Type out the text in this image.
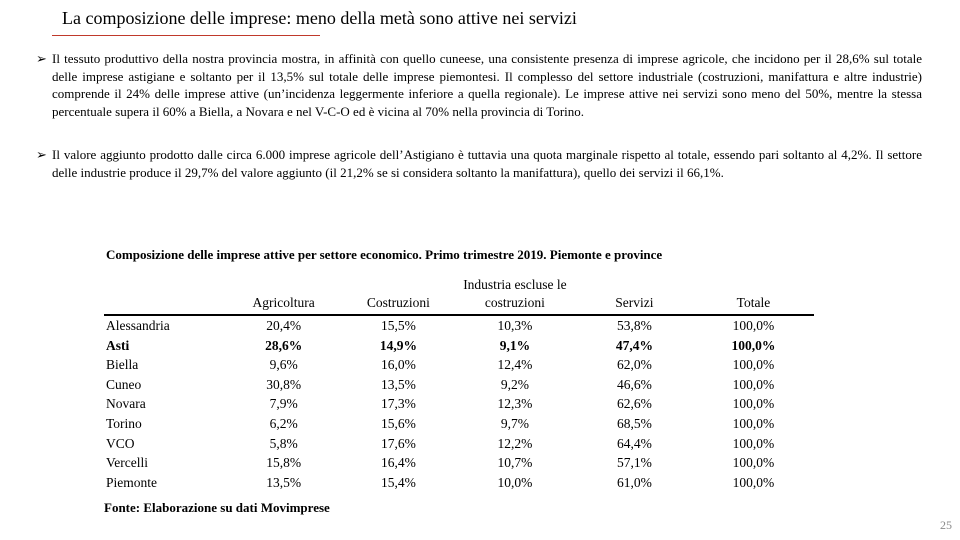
La composizione delle imprese: meno della metà sono attive nei servizi
➢ Il tessuto produttivo della nostra provincia mostra, in affinità con quello cuneese, una consistente presenza di imprese agricole, che incidono per il 28,6% sul totale delle imprese astigiane e soltanto per il 13,5% sul totale delle imprese piemontesi. Il complesso del settore industriale (costruzioni, manifattura e altre industrie) comprende il 24% delle imprese attive (un’incidenza leggermente inferiore a quella regionale). Le imprese attive nei servizi sono meno del 50%, mentre la stessa percentuale supera il 60% a Biella, a Novara e nel V-C-O ed è vicina al 70% nella provincia di Torino.
➢ Il valore aggiunto prodotto dalle circa 6.000 imprese agricole dell’Astigiano è tuttavia una quota marginale rispetto al totale, essendo pari soltanto al 4,2%. Il settore delle industrie produce il 29,7% del valore aggiunto (il 21,2% se si considera soltanto la manifattura), quello dei servizi il 66,1%.
Composizione delle imprese attive per settore economico. Primo trimestre 2019. Piemonte e province
	Agricoltura	Costruzioni	Industria escluse le costruzioni	Servizi	Totale
Alessandria	20,4%	15,5%	10,3%	53,8%	100,0%
Asti	28,6%	14,9%	9,1%	47,4%	100,0%
Biella	9,6%	16,0%	12,4%	62,0%	100,0%
Cuneo	30,8%	13,5%	9,2%	46,6%	100,0%
Novara	7,9%	17,3%	12,3%	62,6%	100,0%
Torino	6,2%	15,6%	9,7%	68,5%	100,0%
VCO	5,8%	17,6%	12,2%	64,4%	100,0%
Vercelli	15,8%	16,4%	10,7%	57,1%	100,0%
Piemonte	13,5%	15,4%	10,0%	61,0%	100,0%
Fonte: Elaborazione su dati Movimprese
25
